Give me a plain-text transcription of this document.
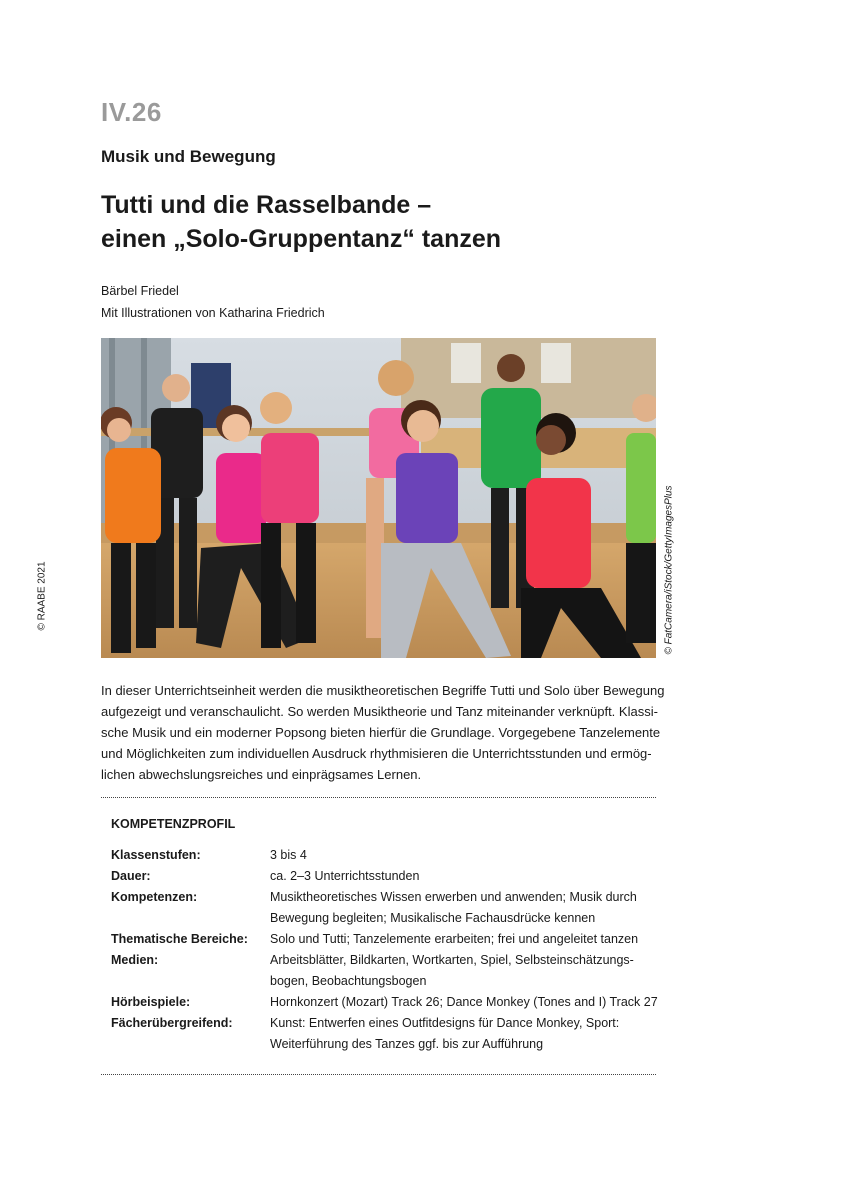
IV.26
Musik und Bewegung
Tutti und die Rasselbande –
einen „Solo-Gruppentanz“ tanzen
Bärbel Friedel
Mit Illustrationen von Katharina Friedrich
© RAABE 2021	© FatCamera/iStock/GettyImagesPlus
In dieser Unterrichtseinheit werden die musiktheoretischen Begriffe Tutti und Solo über Bewegung
aufgezeigt und veranschaulicht. So werden Musiktheorie und Tanz miteinander verknüpft. Klassi-
sche Musik und ein moderner Popsong bieten hierfür die Grundlage. Vorgegebene Tanzelemente
und Möglichkeiten zum individuellen Ausdruck rhythmisieren die Unterrichtsstunden und ermög-
lichen abwechslungsreiches und einprägsames Lernen.
KOMPETENZPROFIL
Klassenstufen:	3 bis 4
Dauer:	ca. 2–3 Unterrichtsstunden
Kompetenzen:	Musiktheoretisches Wissen erwerben und anwenden; Musik durch
Bewegung begleiten; Musikalische Fachausdrücke kennen
Thematische Bereiche:	Solo und Tutti; Tanzelemente erarbeiten; frei und angeleitet tanzen
Medien:	Arbeitsblätter, Bildkarten, Wortkarten, Spiel, Selbsteinschätzungs-
bogen, Beobachtungsbogen
Hörbeispiele:	Hornkonzert (Mozart) Track 26; Dance Monkey (Tones and I) Track 27
Fächerübergreifend:	Kunst: Entwerfen eines Outfitdesigns für Dance Monkey, Sport:
Weiterführung des Tanzes ggf. bis zur Aufführung
